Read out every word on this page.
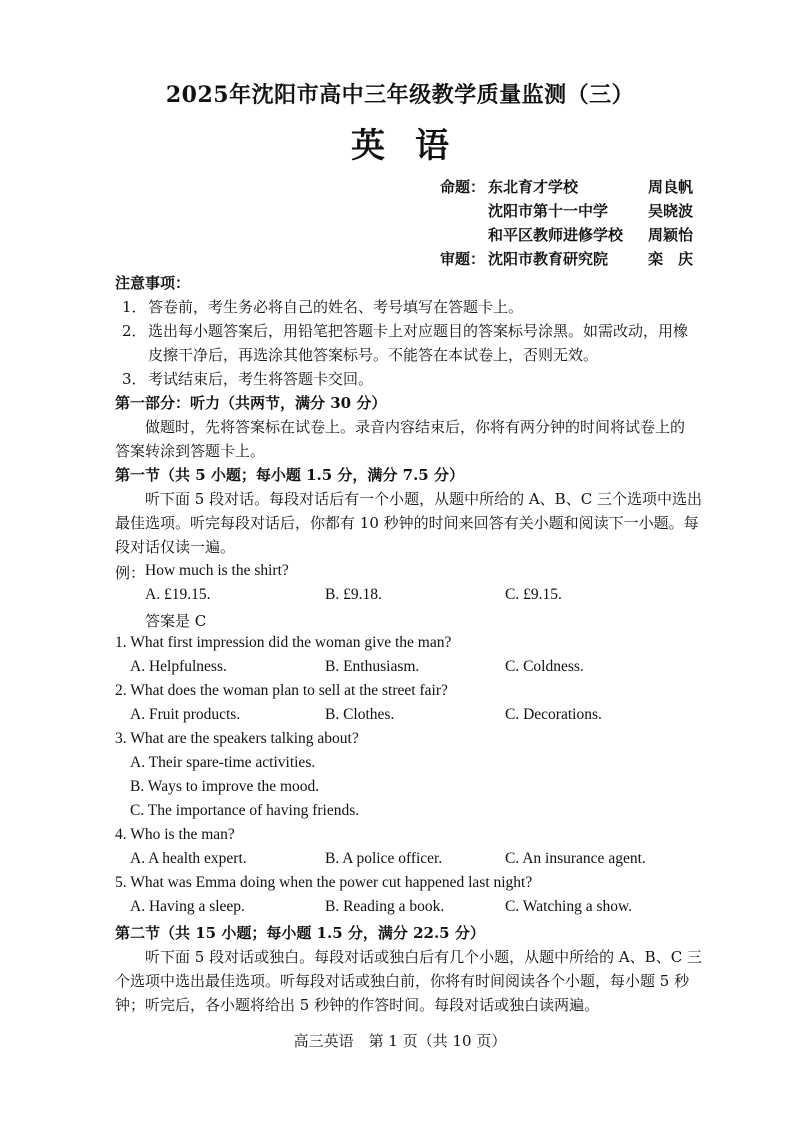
2025年沈阳市高中三年级教学质量监测（三）
英语
命题： 东北育才学校	周良帆
沈阳市第十一中学	吴晓波
和平区教师进修学校 周颖怡
审题： 沈阳市教育研究院	栾　庆
注意事项：
1． 答卷前，考生务必将自己的姓名、考号填写在答题卡上。
2． 选出每小题答案后，用铅笔把答题卡上对应题目的答案标号涂黑。如需改动，用橡
皮擦干净后，再选涂其他答案标号。不能答在本试卷上，否则无效。
3． 考试结束后，考生将答题卡交回。
第一部分：听力（共两节，满分 30 分）
做题时，先将答案标在试卷上。录音内容结束后，你将有两分钟的时间将试卷上的
答案转涂到答题卡上。
第一节（共 5 小题；每小题 1.5 分，满分 7.5 分）
听下面 5 段对话。每段对话后有一个小题，从题中所给的 A、B、C 三个选项中选出
最佳选项。听完每段对话后，你都有 10 秒钟的时间来回答有关小题和阅读下一小题。每
段对话仅读一遍。
例： How much is the shirt?
A. £19.15.	B. £9.18.	C. £9.15.
答案是 C
1. What first impression did the woman give the man?
A. Helpfulness.	B. Enthusiasm.	C. Coldness.
2. What does the woman plan to sell at the street fair?
A. Fruit products.	B. Clothes.	C. Decorations.
3. What are the speakers talking about?
A. Their spare-time activities.
B. Ways to improve the mood.
C. The importance of having friends.
4. Who is the man?
A. A health expert.	B. A police officer.	C. An insurance agent.
5. What was Emma doing when the power cut happened last night?
A. Having a sleep.	B. Reading a book.	C. Watching a show.
第二节（共 15 小题；每小题 1.5 分，满分 22.5 分）
听下面 5 段对话或独白。每段对话或独白后有几个小题，从题中所给的 A、B、C 三
个选项中选出最佳选项。听每段对话或独白前，你将有时间阅读各个小题，每小题 5 秒
钟；听完后，各小题将给出 5 秒钟的作答时间。每段对话或独白读两遍。
高三英语　第 1 页（共 10 页）
